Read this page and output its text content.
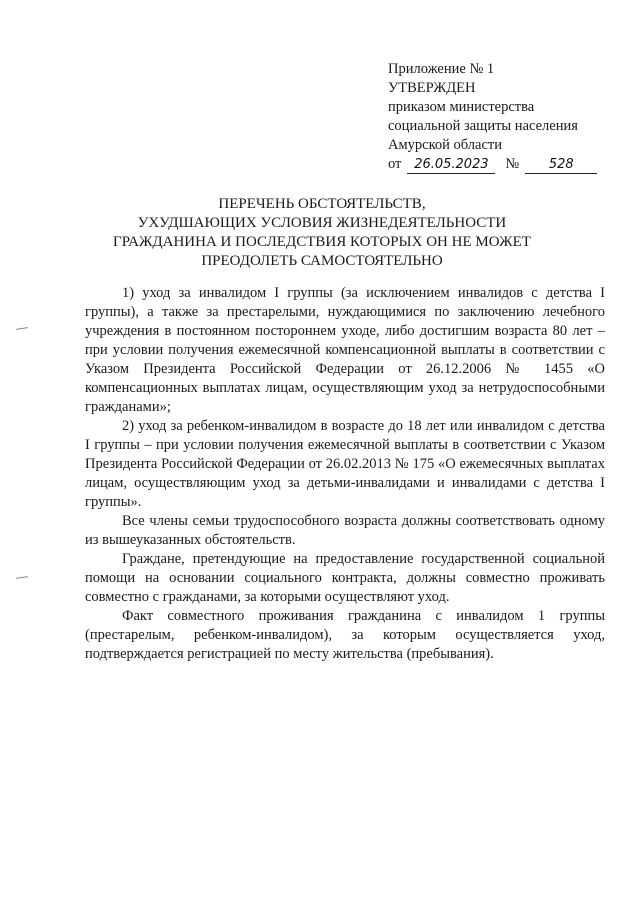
Приложение № 1
УТВЕРЖДЕН
приказом министерства
социальной защиты населения
Амурской области
от 26.05.2023	№	528
ПЕРЕЧЕНЬ ОБСТОЯТЕЛЬСТВ,
УХУДШАЮЩИХ УСЛОВИЯ ЖИЗНЕДЕЯТЕЛЬНОСТИ
ГРАЖДАНИНА И ПОСЛЕДСТВИЯ КОТОРЫХ ОН НЕ МОЖЕТ
ПРЕОДОЛЕТЬ САМОСТОЯТЕЛЬНО

1) уход за инвалидом I группы (за исключением инвалидов с детства I группы), а также за престарелыми, нуждающимися по заключению лечебного учреждения в постоянном постороннем уходе, либо достигшим возраста 80 лет – при условии получения ежемесячной компенсационной выплаты в соответствии с Указом Президента Российской Федерации от 26.12.2006 № 1455 «О компенсационных выплатах лицам, осуществляющим уход за нетрудоспособными гражданами»;

2) уход за ребенком-инвалидом в возрасте до 18 лет или инвалидом с детства I группы – при условии получения ежемесячной выплаты в соответствии с Указом Президента Российской Федерации от 26.02.2013 № 175 «О ежемесячных выплатах лицам, осуществляющим уход за детьми-инвалидами и инвалидами с детства I группы».

Все члены семьи трудоспособного возраста должны соответствовать одному из вышеуказанных обстоятельств.

Граждане, претендующие на предоставление государственной социальной помощи на основании социального контракта, должны совместно проживать совместно с гражданами, за которыми осуществляют уход.

Факт совместного проживания гражданина с инвалидом 1 группы (престарелым, ребенком-инвалидом), за которым осуществляется уход, подтверждается регистрацией по месту жительства (пребывания).
